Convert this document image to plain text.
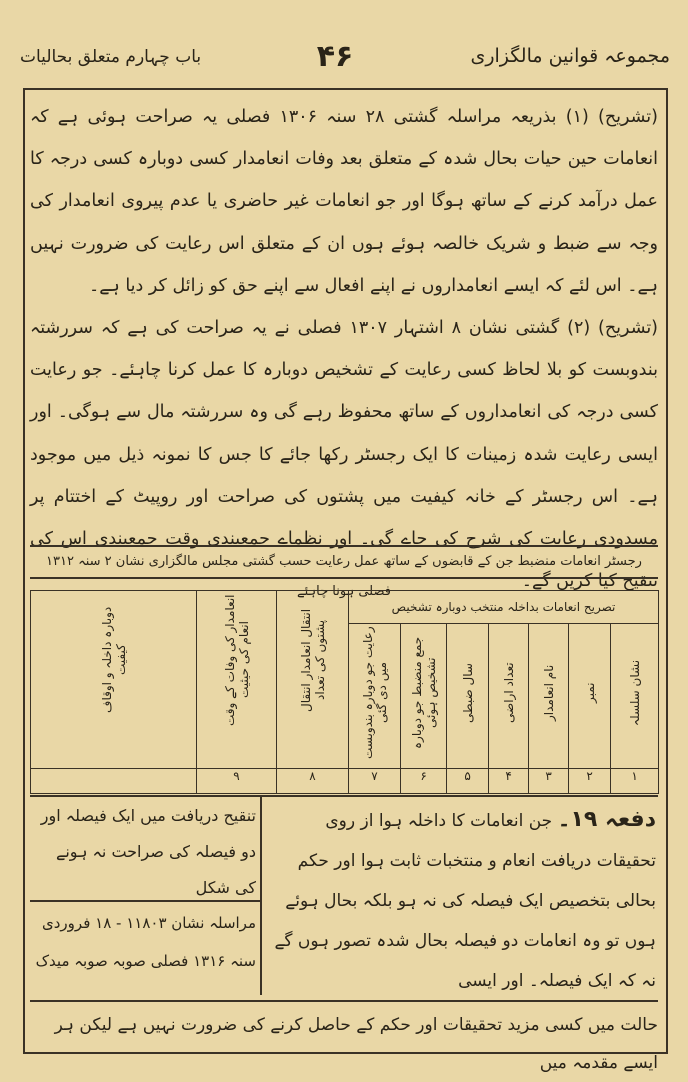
مجموعہ قوانین مالگزاری
۴۶
باب چہارم متعلق بحالیات

(تشریح) (۱) بذریعہ مراسلہ گشتی ۲۸ سنہ ۱۳۰۶ فصلی یہ صراحت ہوئی ہے کہ انعامات حین حیات بحال شدہ کے متعلق بعد وفات انعامدار کسی دوبارہ کسی درجہ کا عمل درآمد کرنے کے ساتھ ہوگا اور جو انعامات غیر حاضری یا عدم پیروی انعامدار کی وجہ سے ضبط و شریک خالصہ ہوئے ہوں ان کے متعلق اس رعایت کی ضرورت نہیں ہے۔ اس لئے کہ ایسے انعامداروں نے اپنے افعال سے اپنے حق کو زائل کر دیا ہے۔

(تشریح) (۲) گشتی نشان ۸ اشتہار ۱۳۰۷ فصلی نے یہ صراحت کی ہے کہ سررشتہ بندوبست کو بلا لحاظ کسی رعایت کے تشخیص دوبارہ کا عمل کرنا چاہئے۔ جو رعایت کسی درجہ کی انعامداروں کے ساتھ محفوظ رہے گی وہ سررشتہ مال سے ہوگی۔ اور ایسی رعایت شدہ زمینات کا ایک رجسٹر رکھا جائے کا جس کا نمونہ ذیل میں موجود ہے۔ اس رجسٹر کے خانہ کیفیت میں پشتوں کی صراحت اور روپیٹ کے اختتام پر مسدودی رعایت کی شرح کی جاے گی۔ اور نظماے جمعبندی وقت جمعبندی اس کی تنقیح کیا کریں گے۔

رجسٹر انعامات منضبط جن کے قابضوں کے ساتھ عمل رعایت حسب گشتی مجلس مالگزاری نشان ۲ سنہ ۱۳۱۲ فصلی ہونا چاہئے
تصریح انعامات بداخلہ منتخب دوبارہ تشخیص							انتقال انعامدار انتقال پشتوں کی تعداد	انعامدار کی وفات کے وقت انعام کی حیثیت	دوبارہ داخلہ و اوقاف کیفیت

نشان سلسلہ	نمبر	نام انعامدار	تعداد اراضی	سال ضبطی	جمع منضبط جو دوبارہ تشخیص ہوئی	رعایت جو دوبارہ بندوبست میں دی گئی			

۱	۲	۳	۴	۵	۶	۷	۸	۹	
دفعہ ۱۹۔ جن انعامات کا داخلہ ہوا از روی تحقیقات دریافت انعام و منتخبات ثابت ہوا اور حکم بحالی بتخصیص ایک فیصلہ کی نہ ہو بلکہ بحال ہوئے ہوں تو وہ انعامات دو فیصلہ بحال شدہ تصور ہوں گے نہ کہ ایک فیصلہ۔ اور ایسی
تنقیح دریافت میں ایک فیصلہ اور دو فیصلہ کی صراحت نہ ہونے کی شکل
مراسلہ نشان ۱۱۸۰۳ - ۱۸ فروردی سنہ ۱۳۱۶ فصلی صوبہ صوبہ میدک
حالت میں کسی مزید تحقیقات اور حکم کے حاصل کرنے کی ضرورت نہیں ہے لیکن ہر ایسے مقدمہ میں
